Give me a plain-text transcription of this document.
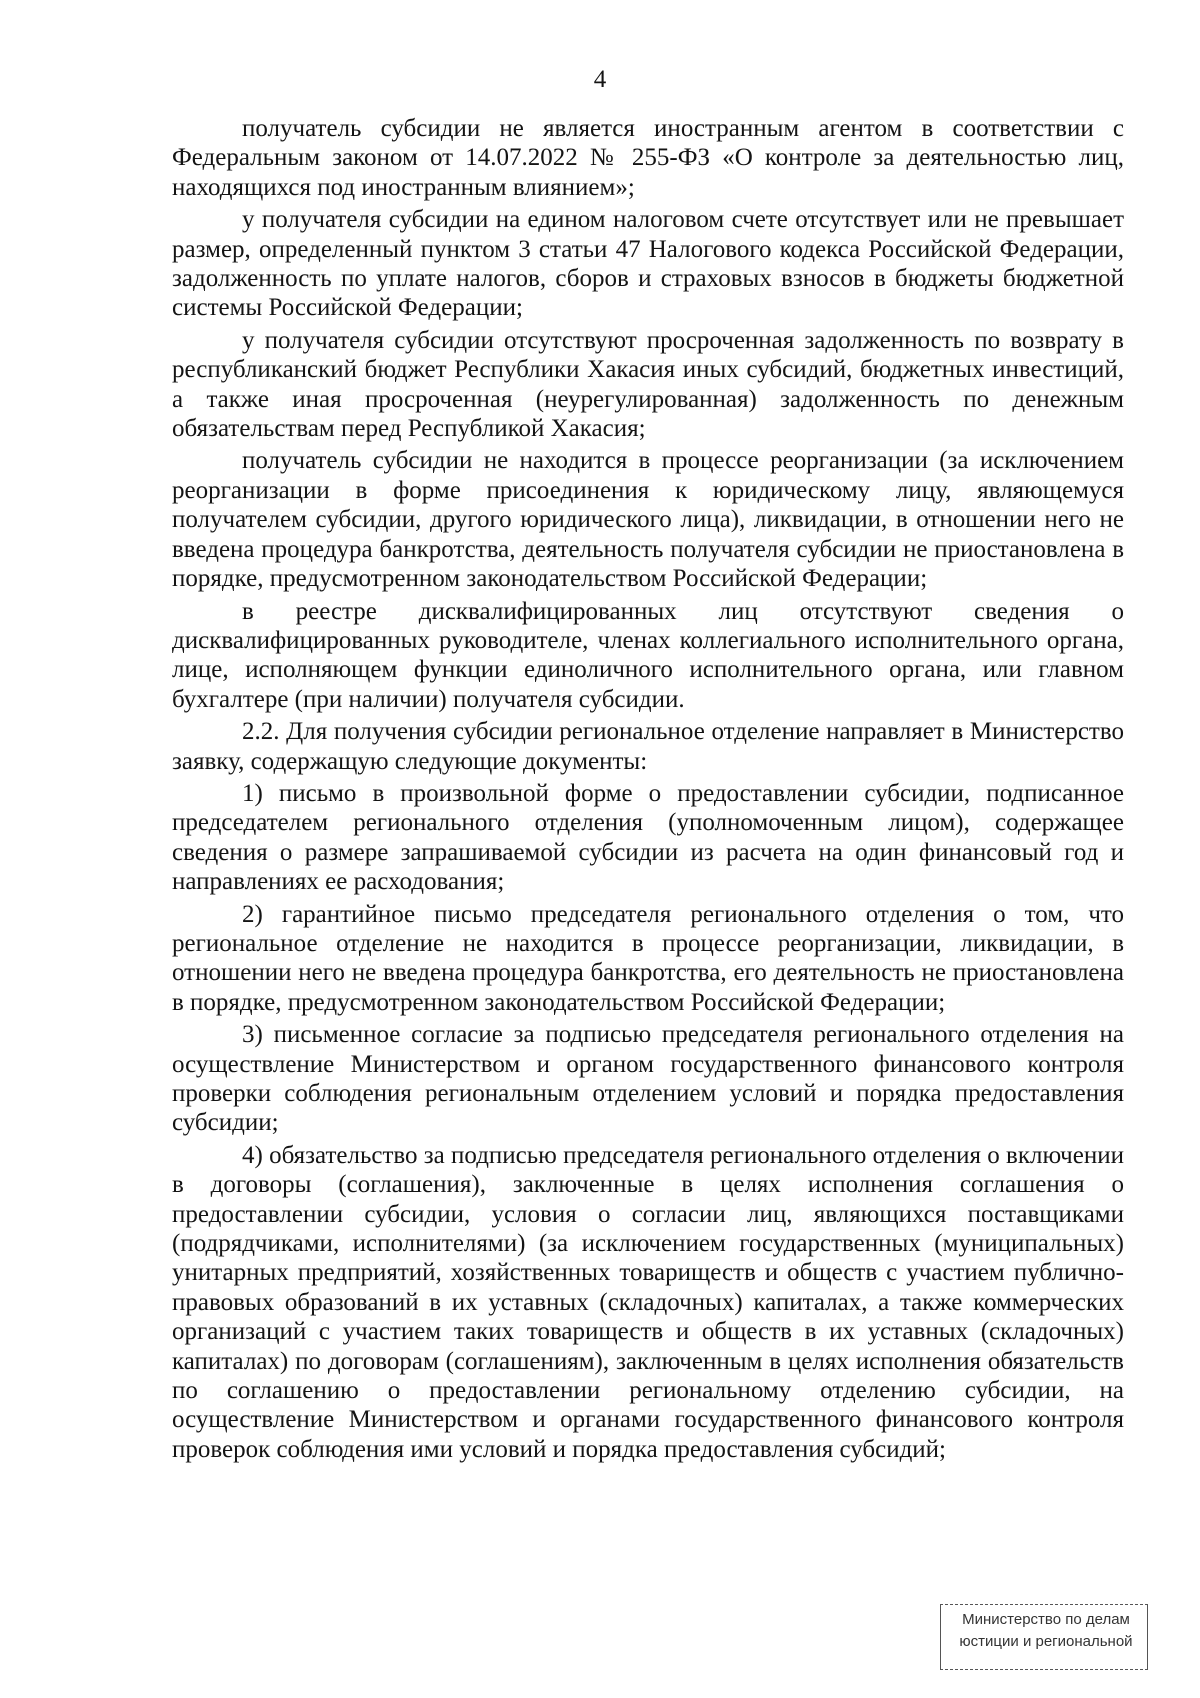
4

получатель субсидии не является иностранным агентом в соответствии с Федеральным законом от 14.07.2022 № 255-ФЗ «О контроле за деятельностью лиц, находящихся под иностранным влиянием»;

у получателя субсидии на едином налоговом счете отсутствует или не превышает размер, определенный пунктом 3 статьи 47 Налогового кодекса Российской Федерации, задолженность по уплате налогов, сборов и страховых взносов в бюджеты бюджетной системы Российской Федерации;

у получателя субсидии отсутствуют просроченная задолженность по возврату в республиканский бюджет Республики Хакасия иных субсидий, бюджетных инвестиций, а также иная просроченная (неурегулированная) задолженность по денежным обязательствам перед Республикой Хакасия;

получатель субсидии не находится в процессе реорганизации (за исключением реорганизации в форме присоединения к юридическому лицу, являющемуся получателем субсидии, другого юридического лица), ликвидации, в отношении него не введена процедура банкротства, деятельность получателя субсидии не приостановлена в порядке, предусмотренном законодательством Российской Федерации;

в реестре дисквалифицированных лиц отсутствуют сведения о дисквалифицированных руководителе, членах коллегиального исполнительного органа, лице, исполняющем функции единоличного исполнительного органа, или главном бухгалтере (при наличии) получателя субсидии.

2.2. Для получения субсидии региональное отделение направляет в Министерство заявку, содержащую следующие документы:

1) письмо в произвольной форме о предоставлении субсидии, подписанное председателем регионального отделения (уполномоченным лицом), содержащее сведения о размере запрашиваемой субсидии из расчета на один финансовый год и направлениях ее расходования;

2) гарантийное письмо председателя регионального отделения о том, что региональное отделение не находится в процессе реорганизации, ликвидации, в отношении него не введена процедура банкротства, его деятельность не приостановлена в порядке, предусмотренном законодательством Российской Федерации;

3) письменное согласие за подписью председателя регионального отделения на осуществление Министерством и органом государственного финансового контроля проверки соблюдения региональным отделением условий и порядка предоставления субсидии;

4) обязательство за подписью председателя регионального отделения о включении в договоры (соглашения), заключенные в целях исполнения соглашения о предоставлении субсидии, условия о согласии лиц, являющихся поставщиками (подрядчиками, исполнителями) (за исключением государственных (муниципальных) унитарных предприятий, хозяйственных товариществ и обществ с участием публично-правовых образований в их уставных (складочных) капиталах, а также коммерческих организаций с участием таких товариществ и обществ в их уставных (складочных) капиталах) по договорам (соглашениям), заключенным в целях исполнения обязательств по соглашению о предоставлении региональному отделению субсидии, на осуществление Министерством и органами государственного финансового контроля проверок соблюдения ими условий и порядка предоставления субсидий;

Министерство по делам
юстиции и региональной
